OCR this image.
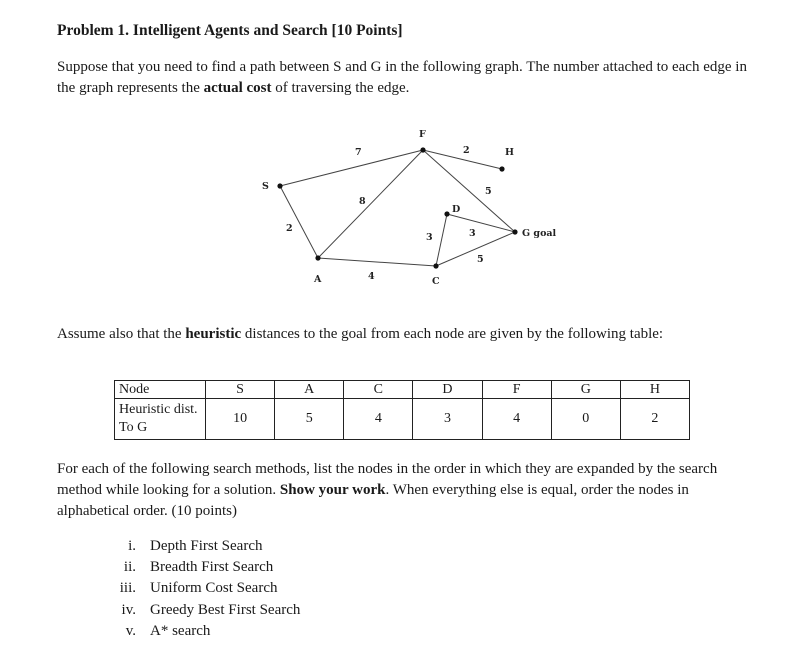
Problem 1. Intelligent Agents and Search [10 Points]

Suppose that you need to find a path between S and G in the following graph. The number attached to each edge in the graph represents the actual cost of traversing the edge.

S
A
F
H
D
C
G goal
7
2
8
4
2
5
3	3
5

Assume also that the heuristic distances to the goal from each node are given by the following table:

Node	S	A	C	D	F	G	H
Heuristic dist. To G	10	5	4	3	4	0	2

For each of the following search methods, list the nodes in the order in which they are expanded by the search method while looking for a solution. Show your work. When everything else is equal, order the nodes in alphabetical order. (10 points)

i. Depth First Search
ii. Breadth First Search
iii. Uniform Cost Search
iv. Greedy Best First Search
v. A* search
